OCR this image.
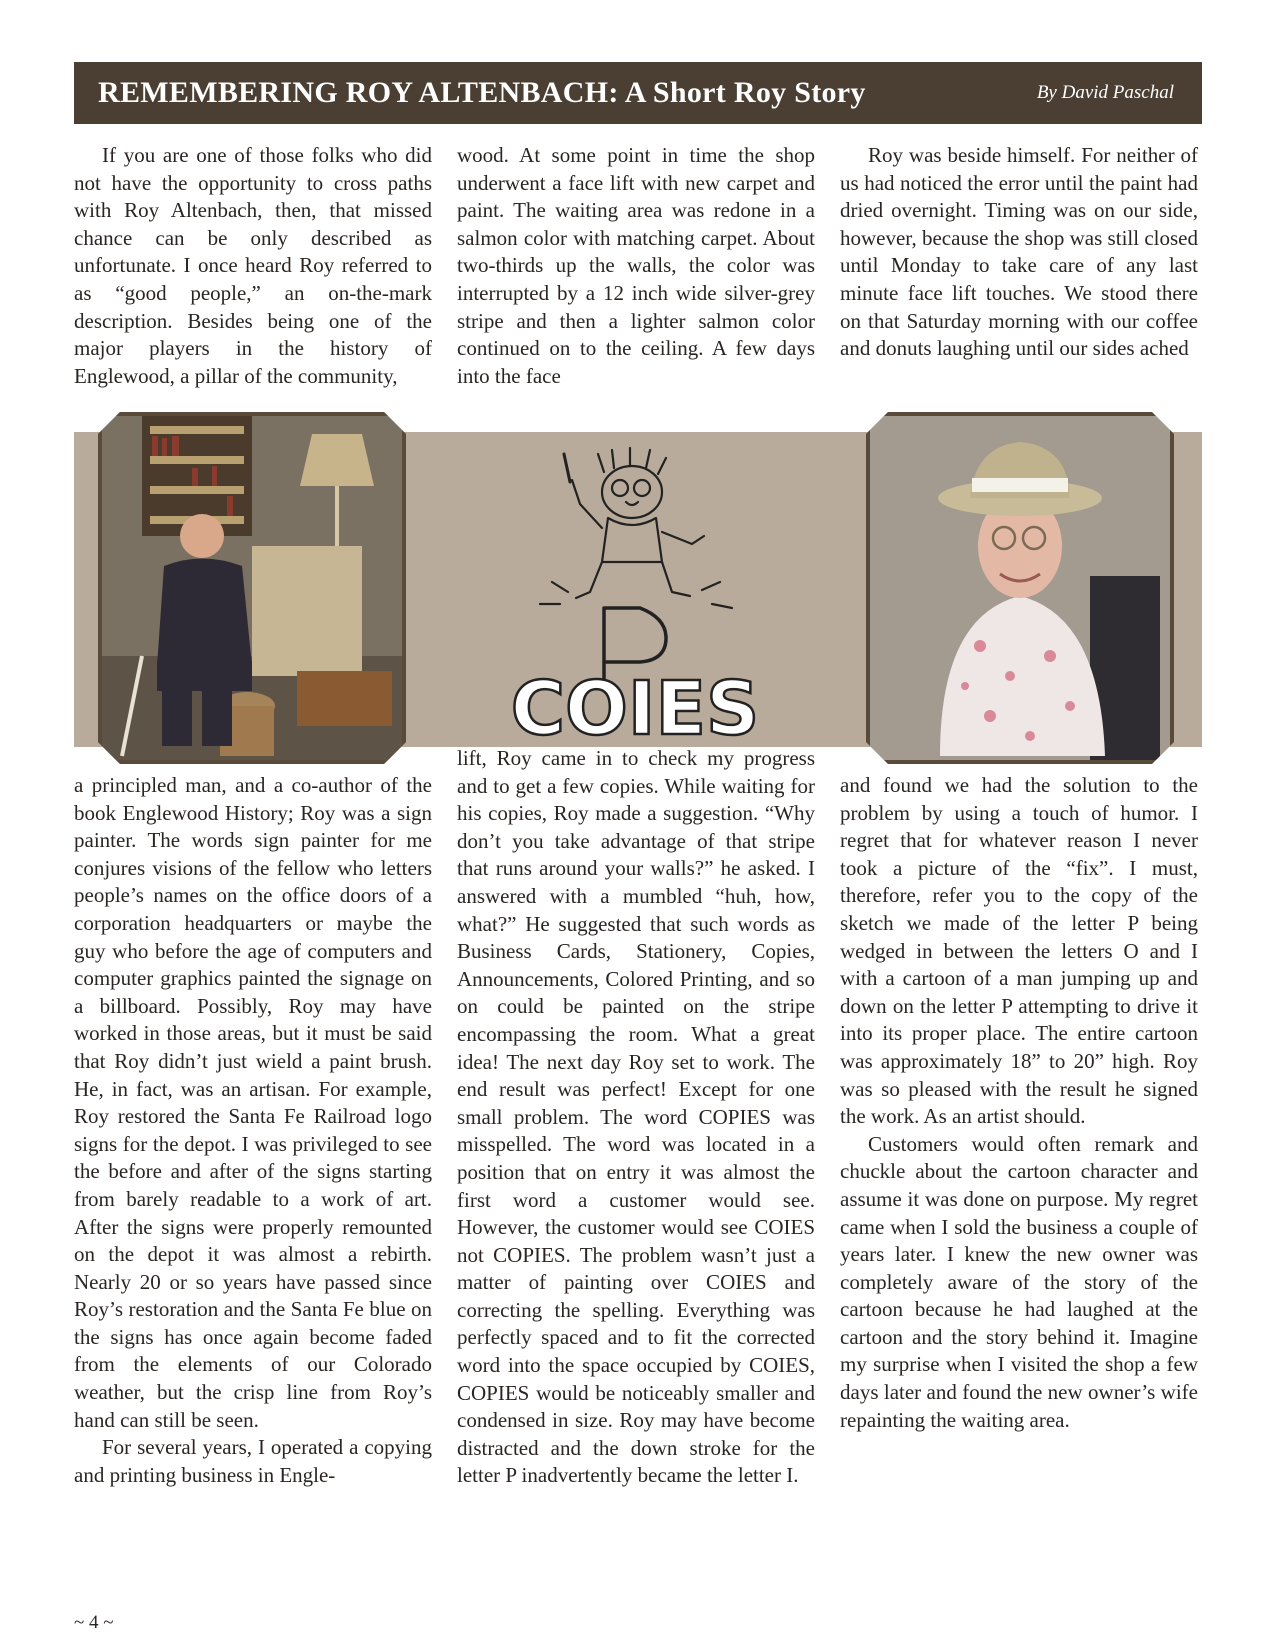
REMEMBERING ROY ALTENBACH: A Short Roy Story	By David Paschal

If you are one of those folks who did not have the opportunity to cross paths with Roy Altenbach, then, that missed chance can be only described as unfortunate. I once heard Roy referred to as “good people,” an on-the-mark description. Besides being one of the major players in the history of Englewood, a pillar of the community,

wood. At some point in time the shop underwent a face lift with new carpet and paint. The waiting area was redone in a salmon color with matching carpet. About two-thirds up the walls, the color was interrupted by a 12 inch wide silver-grey stripe and then a lighter salmon color continued on to the ceiling. A few days into the face

Roy was beside himself. For neither of us had noticed the error until the paint had dried overnight. Timing was on our side, however, because the shop was still closed until Monday to take care of any last minute face lift touches. We stood there on that Saturday morning with our coffee and donuts laughing until our sides ached

COIES

a principled man, and a co-author of the book Englewood History; Roy was a sign painter. The words sign painter for me conjures visions of the fellow who letters people’s names on the office doors of a corporation headquarters or maybe the guy who before the age of computers and computer graphics painted the signage on a billboard. Possibly, Roy may have worked in those areas, but it must be said that Roy didn’t just wield a paint brush. He, in fact, was an artisan. For example, Roy restored the Santa Fe Railroad logo signs for the depot. I was privileged to see the before and after of the signs starting from barely readable to a work of art. After the signs were properly remounted on the depot it was almost a rebirth. Nearly 20 or so years have passed since Roy’s restoration and the Santa Fe blue on the signs has once again become faded from the elements of our Colorado weather, but the crisp line from Roy’s hand can still be seen.

For several years, I operated a copying and printing business in Engle-

lift, Roy came in to check my progress and to get a few copies. While waiting for his copies, Roy made a suggestion. “Why don’t you take advantage of that stripe that runs around your walls?” he asked. I answered with a mumbled “huh, how, what?” He suggested that such words as Business Cards, Stationery, Copies, Announcements, Colored Printing, and so on could be painted on the stripe encompassing the room. What a great idea! The next day Roy set to work. The end result was perfect! Except for one small problem. The word COPIES was misspelled. The word was located in a position that on entry it was almost the first word a customer would see. However, the customer would see COIES not COPIES. The problem wasn’t just a matter of painting over COIES and correcting the spelling. Everything was perfectly spaced and to fit the corrected word into the space occupied by COIES, COPIES would be noticeably smaller and condensed in size. Roy may have become distracted and the down stroke for the letter P inadvertently became the letter I.

and found we had the solution to the problem by using a touch of humor. I regret that for whatever reason I never took a picture of the “fix”. I must, therefore, refer you to the copy of the sketch we made of the letter P being wedged in between the letters O and I with a cartoon of a man jumping up and down on the letter P attempting to drive it into its proper place. The entire cartoon was approximately 18” to 20” high. Roy was so pleased with the result he signed the work. As an artist should.

Customers would often remark and chuckle about the cartoon character and assume it was done on purpose. My regret came when I sold the business a couple of years later. I knew the new owner was completely aware of the story of the cartoon because he had laughed at the cartoon and the story behind it. Imagine my surprise when I visited the shop a few days later and found the new owner’s wife repainting the waiting area.

~ 4 ~
